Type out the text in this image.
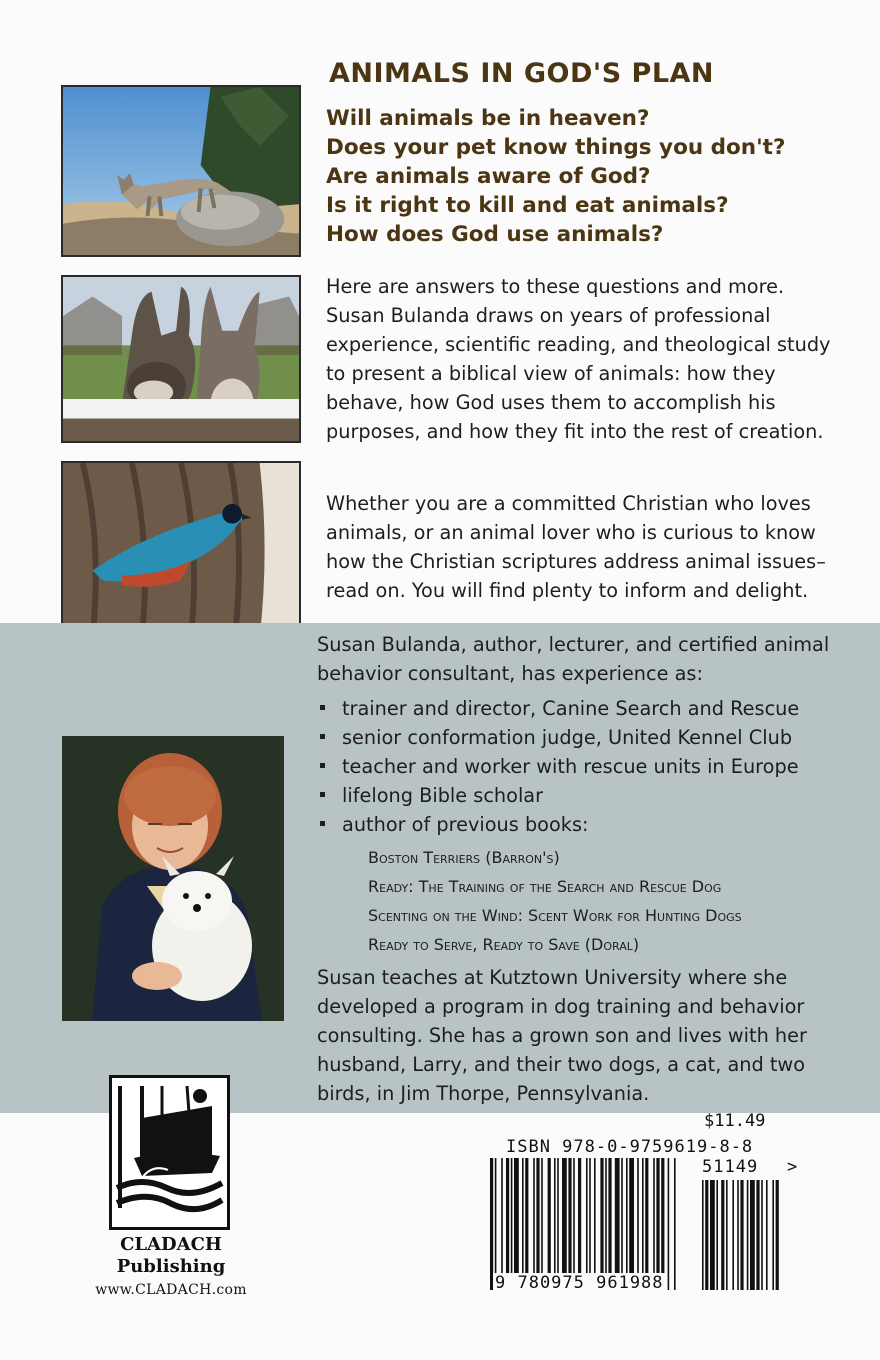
ANIMALS IN GOD'S PLAN
Will animals be in heaven?
Does your pet know things you don't?
Are animals aware of God?
Is it right to kill and eat animals?
How does God use animals?

Here are answers to these questions and more. Susan Bulanda draws on years of professional experience, scientific reading, and theological study to present a biblical view of animals: how they behave, how God uses them to accomplish his purposes, and how they fit into the rest of creation.

Whether you are a committed Christian who loves animals, or an animal lover who is curious to know how the Christian scriptures address animal issues–read on. You will find plenty to inform and delight.

Susan Bulanda, author, lecturer, and certified animal behavior consultant, has experience as:

trainer and director, Canine Search and Rescue
senior conformation judge, United Kennel Club
teacher and worker with rescue units in Europe
lifelong Bible scholar
author of previous books:
Boston Terriers (Barron's)
Ready: The Training of the Search and Rescue Dog
Scenting on the Wind: Scent Work for Hunting Dogs
Ready to Serve, Ready to Save (Doral)

Susan teaches at Kutztown University where she developed a program in dog training and behavior consulting. She has a grown son and lives with her husband, Larry, and their two dogs, a cat, and two birds, in Jim Thorpe, Pennsylvania.

CLADACH
Publishing
www.CLADACH.com
$11.49
ISBN 978-0-9759619-8-8
51149 >
9 780975 961988
